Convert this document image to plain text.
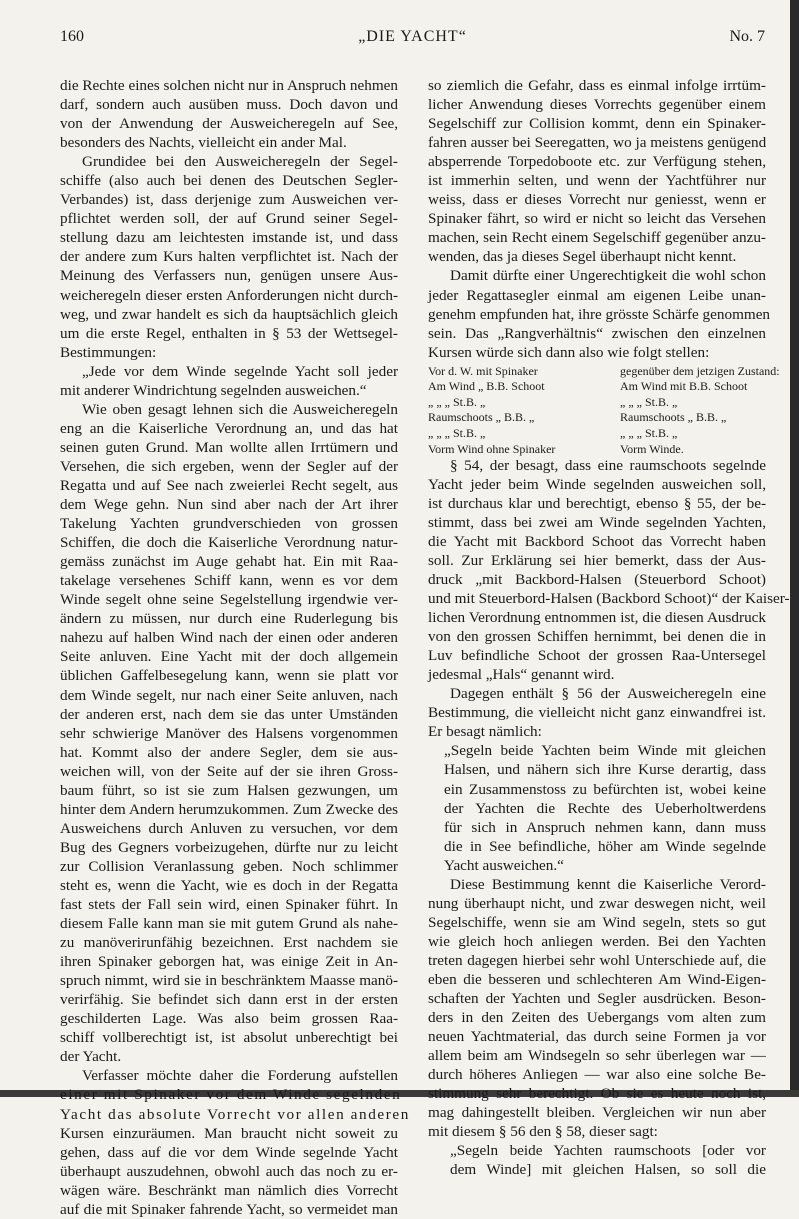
160	„DIE YACHT“	No. 7
die Rechte eines solchen nicht nur in Anspruch nehmen
darf, sondern auch ausüben muss. Doch davon und
von der Anwendung der Ausweicheregeln auf See,
besonders des Nachts, vielleicht ein ander Mal.
Grundidee bei den Ausweicheregeln der Segel-
schiffe (also auch bei denen des Deutschen Segler-
Verbandes) ist, dass derjenige zum Ausweichen ver-
pflichtet werden soll, der auf Grund seiner Segel-
stellung dazu am leichtesten imstande ist, und dass
der andere zum Kurs halten verpflichtet ist. Nach der
Meinung des Verfassers nun, genügen unsere Aus-
weicheregeln dieser ersten Anforderungen nicht durch-
weg, und zwar handelt es sich da hauptsächlich gleich
um die erste Regel, enthalten in § 53 der Wettsegel-
Bestimmungen:
„Jede vor dem Winde segelnde Yacht soll jeder
mit anderer Windrichtung segelnden ausweichen.“
Wie oben gesagt lehnen sich die Ausweicheregeln
eng an die Kaiserliche Verordnung an, und das hat
seinen guten Grund. Man wollte allen Irrtümern und
Versehen, die sich ergeben, wenn der Segler auf der
Regatta und auf See nach zweierlei Recht segelt, aus
dem Wege gehn. Nun sind aber nach der Art ihrer
Takelung Yachten grundverschieden von grossen
Schiffen, die doch die Kaiserliche Verordnung natur-
gemäss zunächst im Auge gehabt hat. Ein mit Raa-
takelage versehenes Schiff kann, wenn es vor dem
Winde segelt ohne seine Segelstellung irgendwie ver-
ändern zu müssen, nur durch eine Ruderlegung bis
nahezu auf halben Wind nach der einen oder anderen
Seite anluven. Eine Yacht mit der doch allgemein
üblichen Gaffelbesegelung kann, wenn sie platt vor
dem Winde segelt, nur nach einer Seite anluven, nach
der anderen erst, nach dem sie das unter Umständen
sehr schwierige Manöver des Halsens vorgenommen
hat. Kommt also der andere Segler, dem sie aus-
weichen will, von der Seite auf der sie ihren Gross-
baum führt, so ist sie zum Halsen gezwungen, um
hinter dem Andern herumzukommen. Zum Zwecke des
Ausweichens durch Anluven zu versuchen, vor dem
Bug des Gegners vorbeizugehen, dürfte nur zu leicht
zur Collision Veranlassung geben. Noch schlimmer
steht es, wenn die Yacht, wie es doch in der Regatta
fast stets der Fall sein wird, einen Spinaker führt. In
diesem Falle kann man sie mit gutem Grund als nahe-
zu manöverirunfähig bezeichnen. Erst nachdem sie
ihren Spinaker geborgen hat, was einige Zeit in An-
spruch nimmt, wird sie in beschränktem Maasse manö-
verirfähig. Sie befindet sich dann erst in der ersten
geschilderten Lage. Was also beim grossen Raa-
schiff vollberechtigt ist, ist absolut unberechtigt bei
der Yacht.
Verfasser möchte daher die Forderung aufstellen
einer mit Spinaker vor dem Winde segelnden
Yacht das absolute Vorrecht vor allen anderen
Kursen einzuräumen. Man braucht nicht soweit zu
gehen, dass auf die vor dem Winde segelnde Yacht
überhaupt auszudehnen, obwohl auch das noch zu er-
wägen wäre. Beschränkt man nämlich dies Vorrecht
auf die mit Spinaker fahrende Yacht, so vermeidet man
so ziemlich die Gefahr, dass es einmal infolge irrtüm-
licher Anwendung dieses Vorrechts gegenüber einem
Segelschiff zur Collision kommt, denn ein Spinaker-
fahren ausser bei Seeregatten, wo ja meistens genügend
absperrende Torpedoboote etc. zur Verfügung stehen,
ist immerhin selten, und wenn der Yachtführer nur
weiss, dass er dieses Vorrecht nur geniesst, wenn er
Spinaker fährt, so wird er nicht so leicht das Versehen
machen, sein Recht einem Segelschiff gegenüber anzu-
wenden, das ja dieses Segel überhaupt nicht kennt.
Damit dürfte einer Ungerechtigkeit die wohl schon
jeder Regattasegler einmal am eigenen Leibe unan-
genehm empfunden hat, ihre grösste Schärfe genommen
sein. Das „Rangverhältnis“ zwischen den einzelnen
Kursen würde sich dann also wie folgt stellen:
Vor d. W. mit Spinaker	gegenüber dem jetzigen Zustand:
Am Wind „ B.B. Schoot	Am Wind mit B.B. Schoot
„ „ „ St.B. „	„ „ „ St.B. „
Raumschoots „ B.B. „	Raumschoots „ B.B. „
„ „ „ St.B. „	„ „ „ St.B. „
Vorm Wind ohne Spinaker	Vorm Winde.
§ 54, der besagt, dass eine raumschoots segelnde
Yacht jeder beim Winde segelnden ausweichen soll,
ist durchaus klar und berechtigt, ebenso § 55, der be-
stimmt, dass bei zwei am Winde segelnden Yachten,
die Yacht mit Backbord Schoot das Vorrecht haben
soll. Zur Erklärung sei hier bemerkt, dass der Aus-
druck „mit Backbord-Halsen (Steuerbord Schoot)
und mit Steuerbord-Halsen (Backbord Schoot)“ der Kaiser-
lichen Verordnung entnommen ist, die diesen Ausdruck
von den grossen Schiffen hernimmt, bei denen die in
Luv befindliche Schoot der grossen Raa-Untersegel
jedesmal „Hals“ genannt wird.
Dagegen enthält § 56 der Ausweicheregeln eine
Bestimmung, die vielleicht nicht ganz einwandfrei ist.
Er besagt nämlich:
„Segeln beide Yachten beim Winde mit gleichen
Halsen, und nähern sich ihre Kurse derartig, dass
ein Zusammenstoss zu befürchten ist, wobei keine
der Yachten die Rechte des Ueberholtwerdens
für sich in Anspruch nehmen kann, dann muss
die in See befindliche, höher am Winde segelnde
Yacht ausweichen.“
Diese Bestimmung kennt die Kaiserliche Verord-
nung überhaupt nicht, und zwar deswegen nicht, weil
Segelschiffe, wenn sie am Wind segeln, stets so gut
wie gleich hoch anliegen werden. Bei den Yachten
treten dagegen hierbei sehr wohl Unterschiede auf, die
eben die besseren und schlechteren Am Wind-Eigen-
schaften der Yachten und Segler ausdrücken. Beson-
ders in den Zeiten des Uebergangs vom alten zum
neuen Yachtmaterial, das durch seine Formen ja vor
allem beim am Windsegeln so sehr überlegen war —
durch höheres Anliegen — war also eine solche Be-
stimmung sehr berechtigt. Ob sie es heute noch ist,
mag dahingestellt bleiben. Vergleichen wir nun aber
mit diesem § 56 den § 58, dieser sagt:
„Segeln beide Yachten raumschoots [oder vor
dem Winde] mit gleichen Halsen, so soll die
